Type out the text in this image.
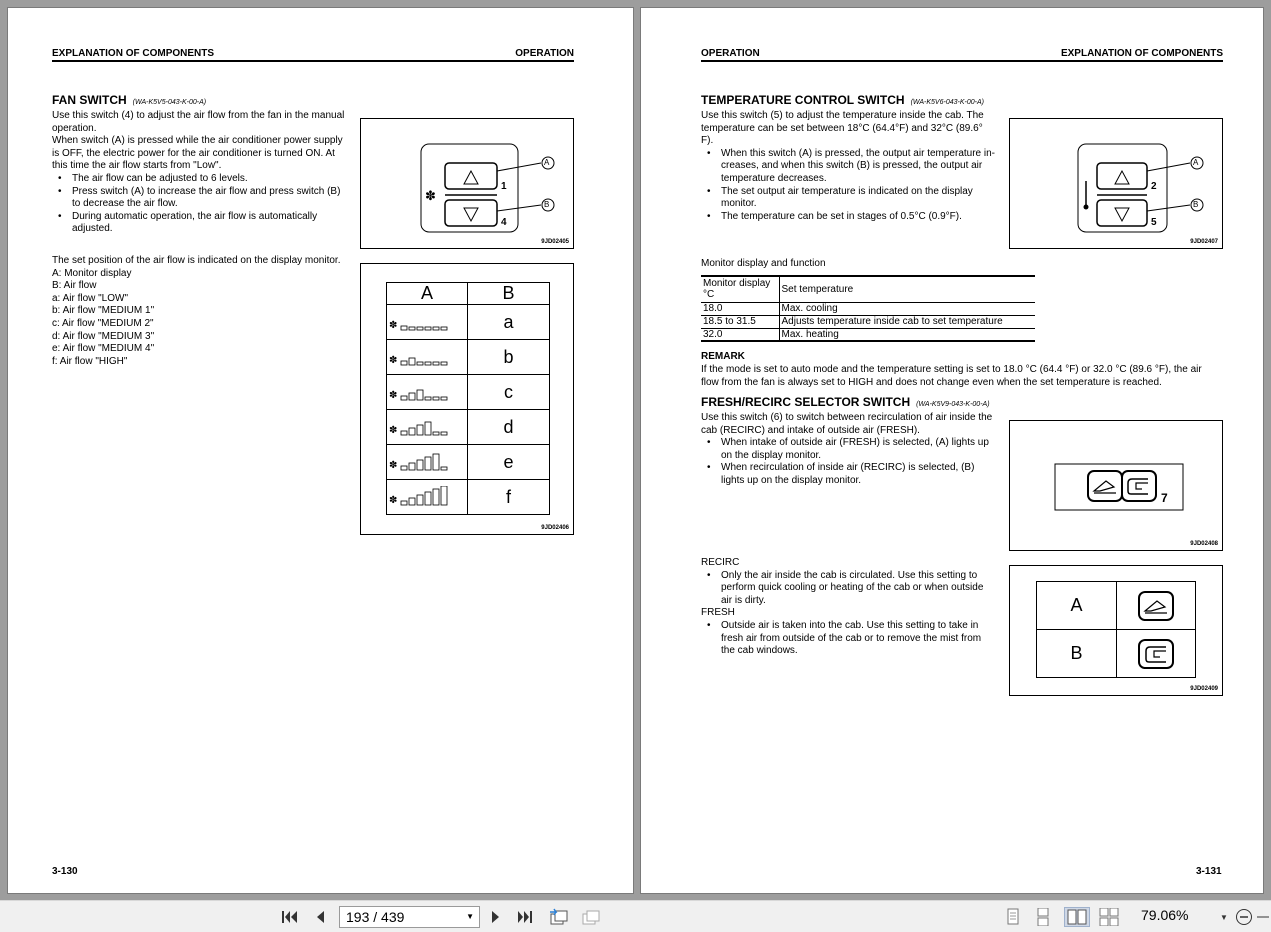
EXPLANATION OF COMPONENTS	OPERATION
FAN SWITCH (WA-K5V5-043-K-00-A)

Use this switch (4) to adjust the air flow from the fan in the manual

operation.

When switch (A) is pressed while the air conditioner power supply

is OFF, the electric power for the air conditioner is turned ON. At

this time the air flow starts from "Low".

• The air flow can be adjusted to 6 levels.
• Press switch (A) to increase the air flow and press switch (B)
to decrease the air flow.
• During automatic operation, the air flow is automatically
adjusted.
✽
A
B
1
4
9JD02405

The set position of the air flow is indicated on the display monitor.

A: Monitor display

B: Air flow

a: Air flow "LOW"

b: Air flow "MEDIUM 1"

c: Air flow "MEDIUM 2"

d: Air flow "MEDIUM 3"

e: Air flow "MEDIUM 4"

f: Air flow "HIGH"

A	B

✽	a

✽	b

✽	c

✽	d

✽	e

✽	f
9JD02406
3-130
OPERATION	EXPLANATION OF COMPONENTS
TEMPERATURE CONTROL SWITCH (WA-K5V6-043-K-00-A)

Use this switch (5) to adjust the temperature inside the cab. The

temperature can be set between 18°C (64.4°F) and 32°C (89.6°

F).

• When this switch (A) is pressed, the output air temperature in-
creases, and when this switch (B) is pressed, the output air
temperature decreases.
• The set output air temperature is indicated on the display
monitor.
• The temperature can be set in stages of 0.5°C (0.9°F).
A
B
2
5
9JD02407
Monitor display and function
Monitor display
°C	Set temperature
18.0	Max. cooling
18.5 to 31.5	Adjusts temperature inside cab to set temperature
32.0	Max. heating
REMARK

If the mode is set to auto mode and the temperature setting is set to 18.0 °C (64.4 °F) or 32.0 °C (89.6 °F), the air

flow from the fan is always set to HIGH and does not change even when the set temperature is reached.

FRESH/RECIRC SELECTOR SWITCH (WA-K5V9-043-K-00-A)

Use this switch (6) to switch between recirculation of air inside the

cab (RECIRC) and intake of outside air (FRESH).

• When intake of outside air (FRESH) is selected, (A) lights up
on the display monitor.
• When recirculation of inside air (RECIRC) is selected, (B)
lights up on the display monitor.
7
9JD02408

RECIRC

• Only the air inside the cab is circulated. Use this setting to
perform quick cooling or heating of the cab or when outside
air is dirty.

FRESH

• Outside air is taken into the cab. Use this setting to take in
fresh air from outside of the cab or to remove the mist from
the cab windows.
A	

B	
9JD02409
3-131
193 / 439	▼	79.06%	▼
